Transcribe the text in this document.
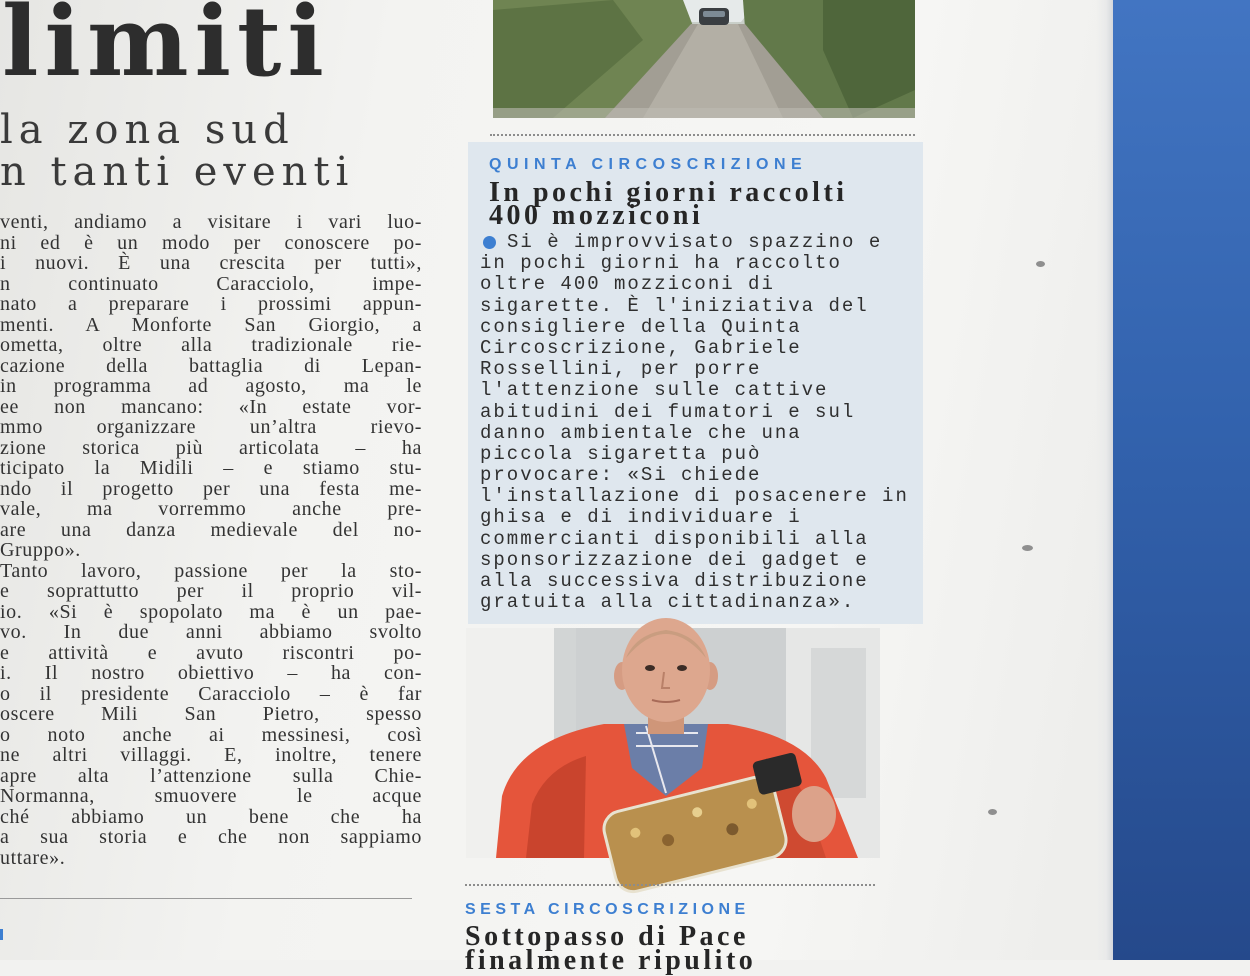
limiti
la zona sud
n tanti eventi
venti, andiamo a visitare i vari luo-
ni ed è un modo per conoscere po-
i nuovi. È una crescita per tutti»,
n continuato Caracciolo, impe-
nato a preparare i prossimi appun-
menti. A Monforte San Giorgio, a
ometta, oltre alla tradizionale rie-
cazione della battaglia di Lepan-
in programma ad agosto, ma le
ee non mancano: «In estate vor-
mmo organizzare un’altra rievo-
zione storica più articolata – ha
ticipato la Midili – e stiamo stu-
ndo il progetto per una festa me-
vale, ma vorremmo anche pre-
are una danza medievale del no-
Gruppo».
Tanto lavoro, passione per la sto-
e soprattutto per il proprio vil-
io. «Si è spopolato ma è un pae-
vo. In due anni abbiamo svolto
e attività e avuto riscontri po-
i. Il nostro obiettivo – ha con-
o il presidente Caracciolo – è far
oscere Mili San Pietro, spesso
o noto anche ai messinesi, così
ne altri villaggi. E, inoltre, tenere
apre alta l’attenzione sulla Chie-
Normanna, smuovere le acque
ché abbiamo un bene che ha
a sua storia e che non sappiamo
uttare».
QUINTA CIRCOSCRIZIONE
In pochi giorni raccolti
400 mozziconi
Si è improvvisato spazzino e
in pochi giorni ha raccolto
oltre 400 mozziconi di
sigarette. È l'iniziativa del
consigliere della Quinta
Circoscrizione, Gabriele
Rossellini, per porre
l'attenzione sulle cattive
abitudini dei fumatori e sul
danno ambientale che una
piccola sigaretta può
provocare: «Si chiede
l'installazione di posacenere in
ghisa e di individuare i
commercianti disponibili alla
sponsorizzazione dei gadget e
alla successiva distribuzione
gratuita alla cittadinanza».
SESTA CIRCOSCRIZIONE
Sottopasso di Pace
finalmente ripulito
